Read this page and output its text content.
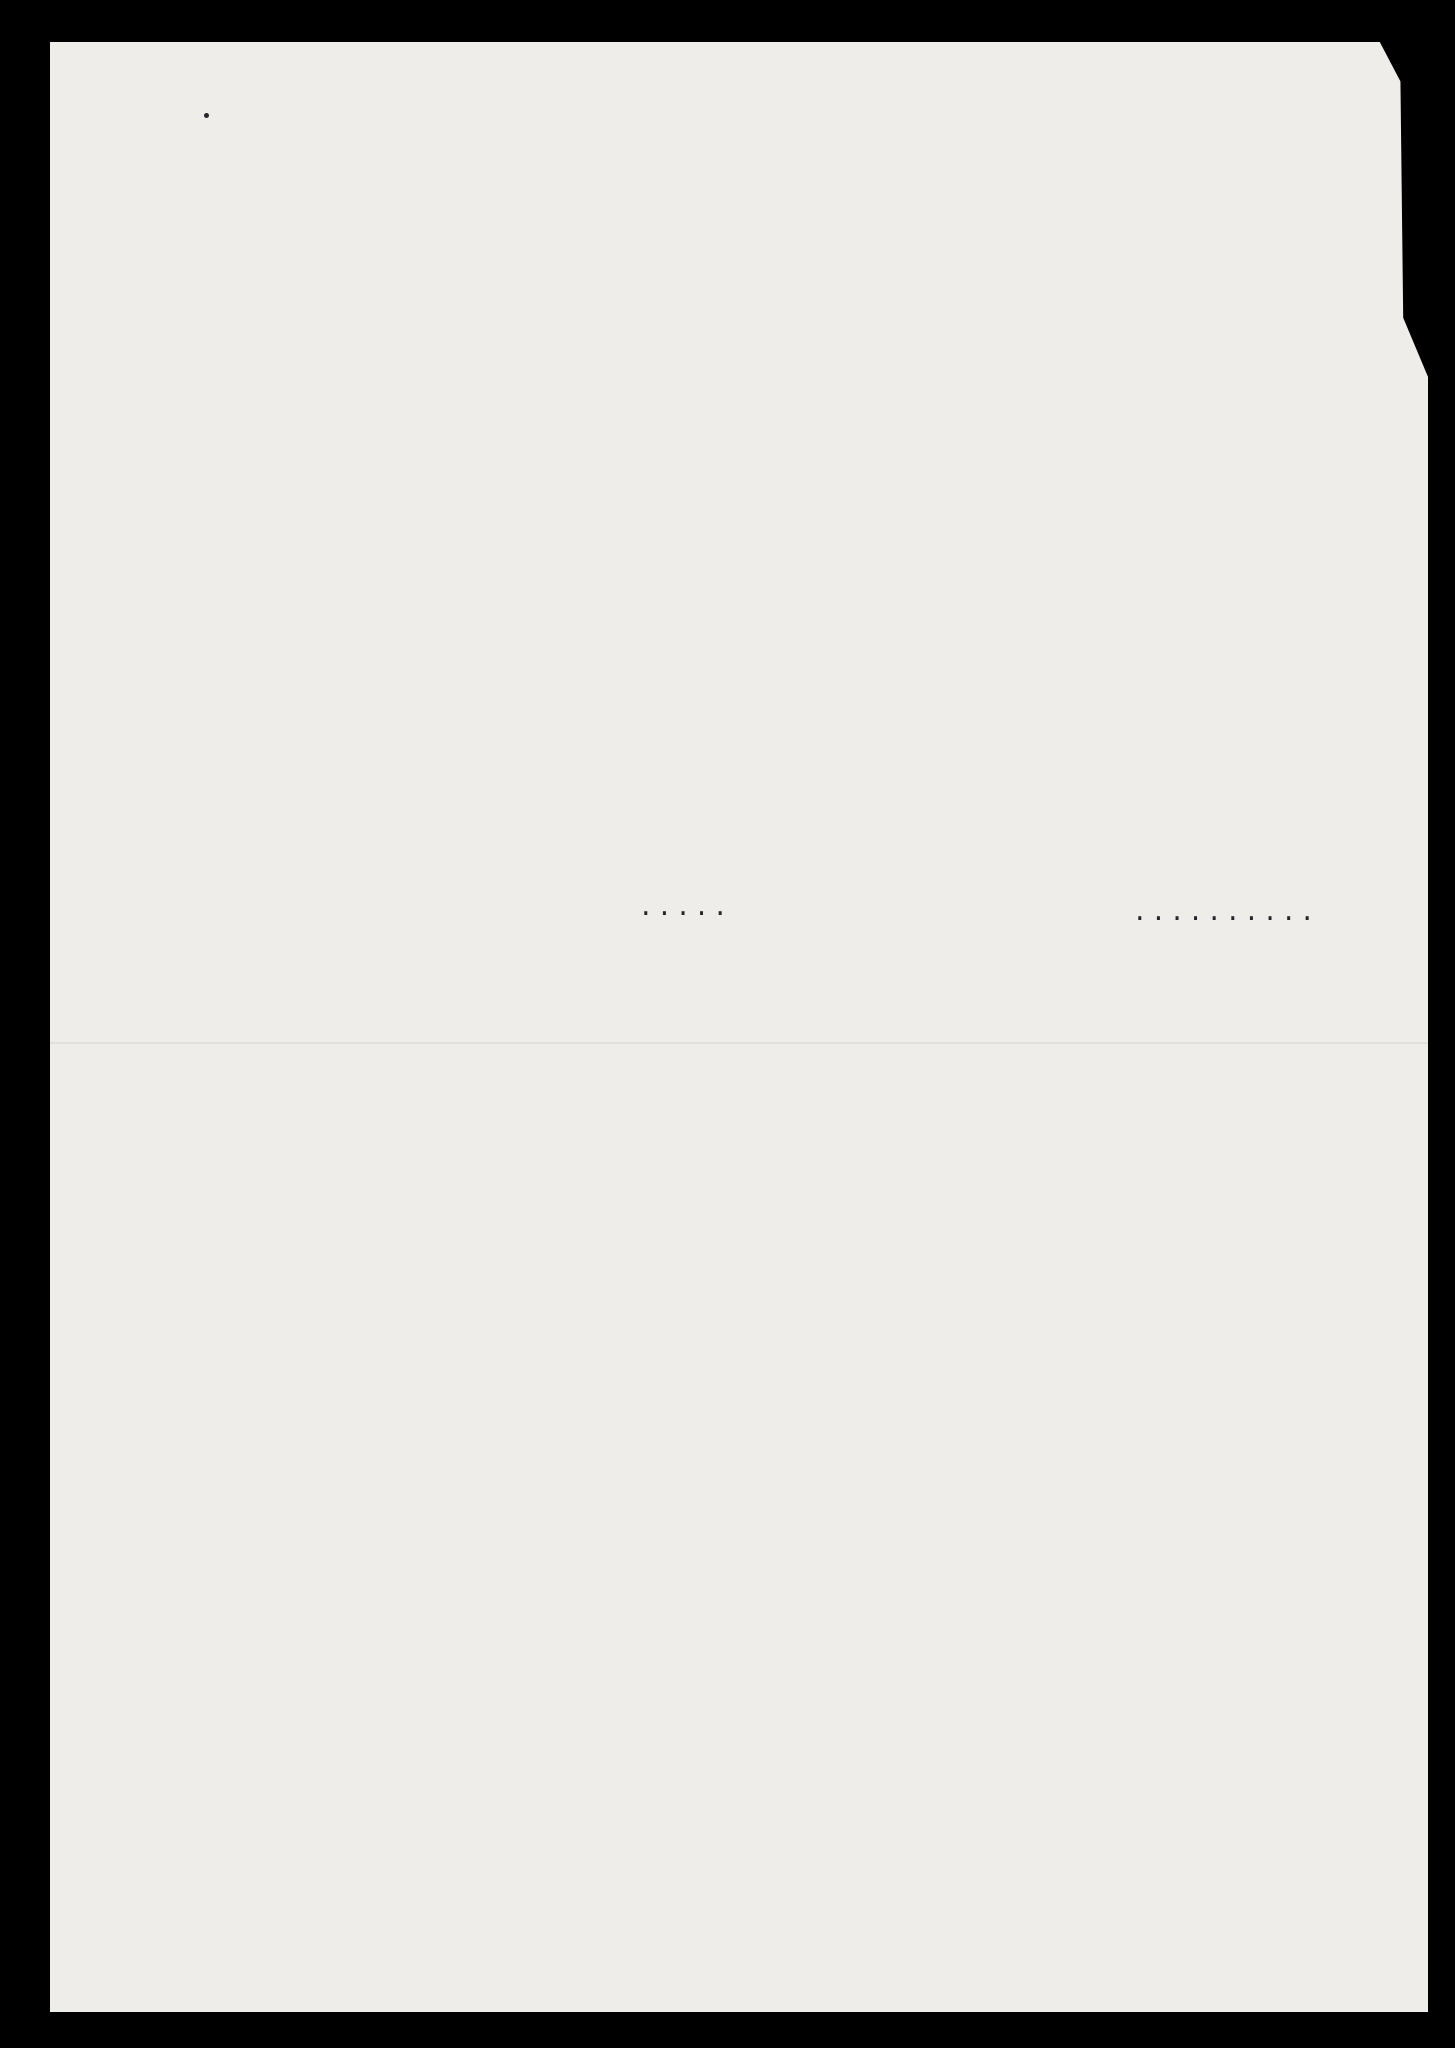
.....	..........
